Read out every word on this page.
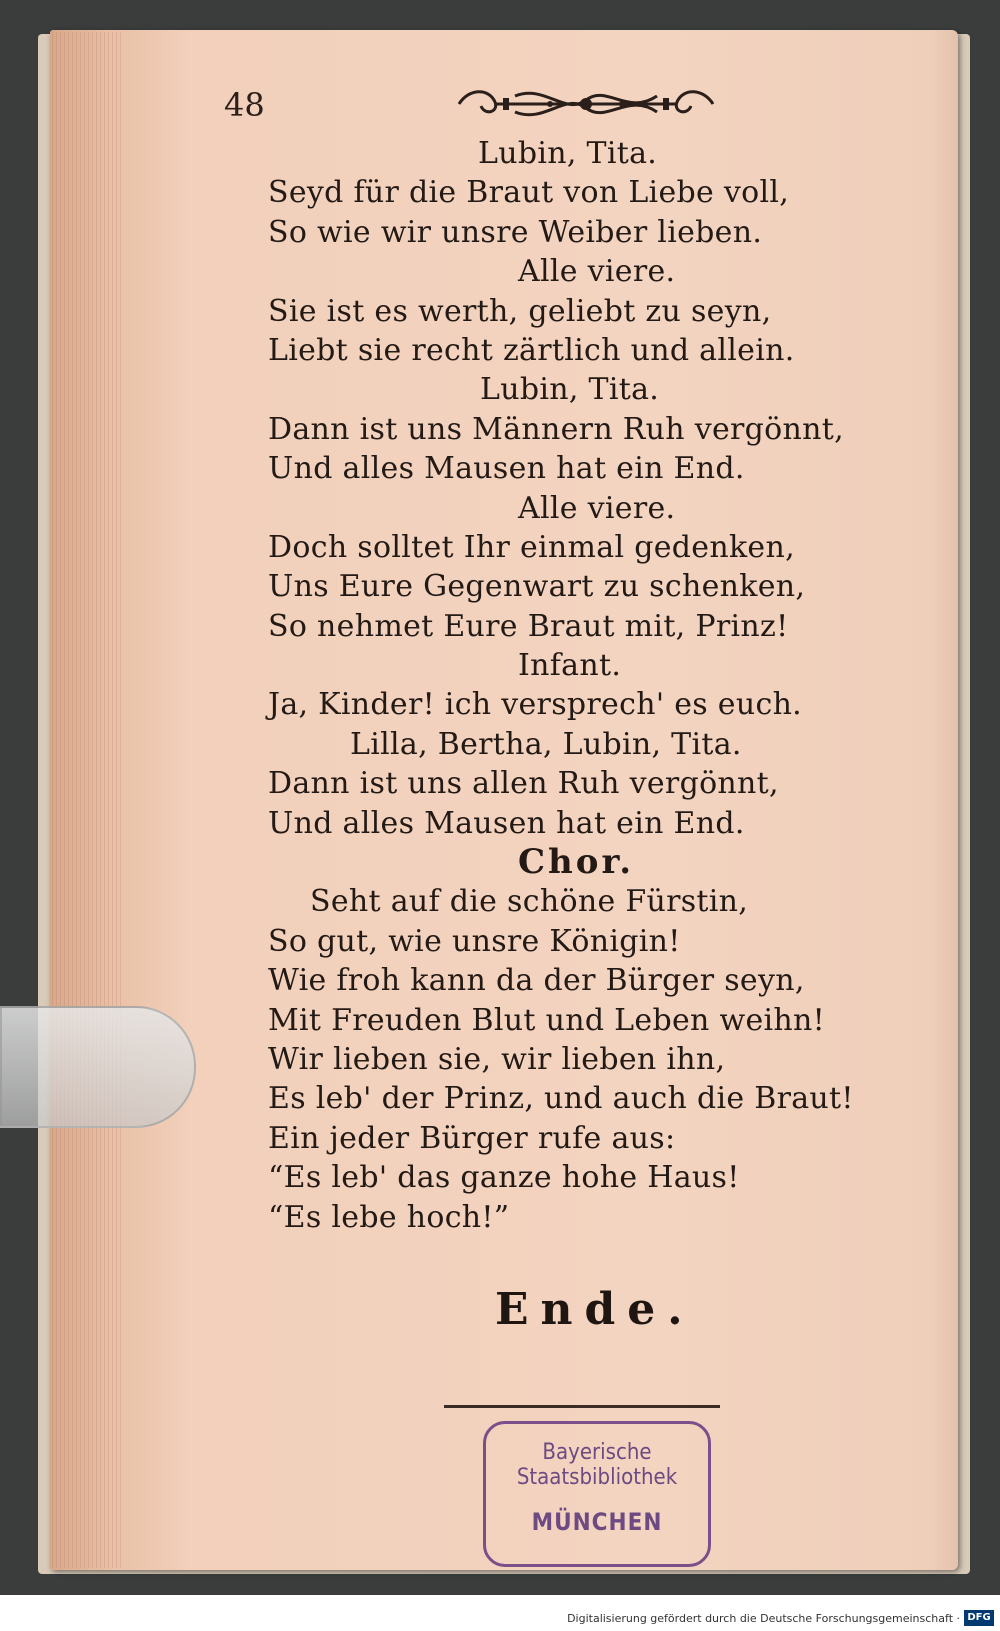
48
Lubin, Tita.
Seyd für die Braut von Liebe voll,
So wie wir unsre Weiber lieben.
Alle viere.
Sie ist es werth, geliebt zu seyn,
Liebt sie recht zärtlich und allein.
Lubin, Tita.
Dann ist uns Männern Ruh vergönnt,
Und alles Mausen hat ein End.
Alle viere.
Doch solltet Ihr einmal gedenken,
Uns Eure Gegenwart zu schenken,
So nehmet Eure Braut mit, Prinz!
Infant.
Ja, Kinder! ich versprech' es euch.
Lilla, Bertha, Lubin, Tita.
Dann ist uns allen Ruh vergönnt,
Und alles Mausen hat ein End.
Chor.
Seht auf die schöne Fürstin,
So gut, wie unsre Königin!
Wie froh kann da der Bürger seyn,
Mit Freuden Blut und Leben weihn!
Wir lieben sie, wir lieben ihn,
Es leb' der Prinz, und auch die Braut!
Ein jeder Bürger rufe aus:
“Es leb' das ganze hohe Haus!
“Es lebe hoch!”
Ende.
Bayerische
Staatsbibliothek
MÜNCHEN
Digitalisierung gefördert durch die Deutsche Forschungsgemeinschaft · DFG
